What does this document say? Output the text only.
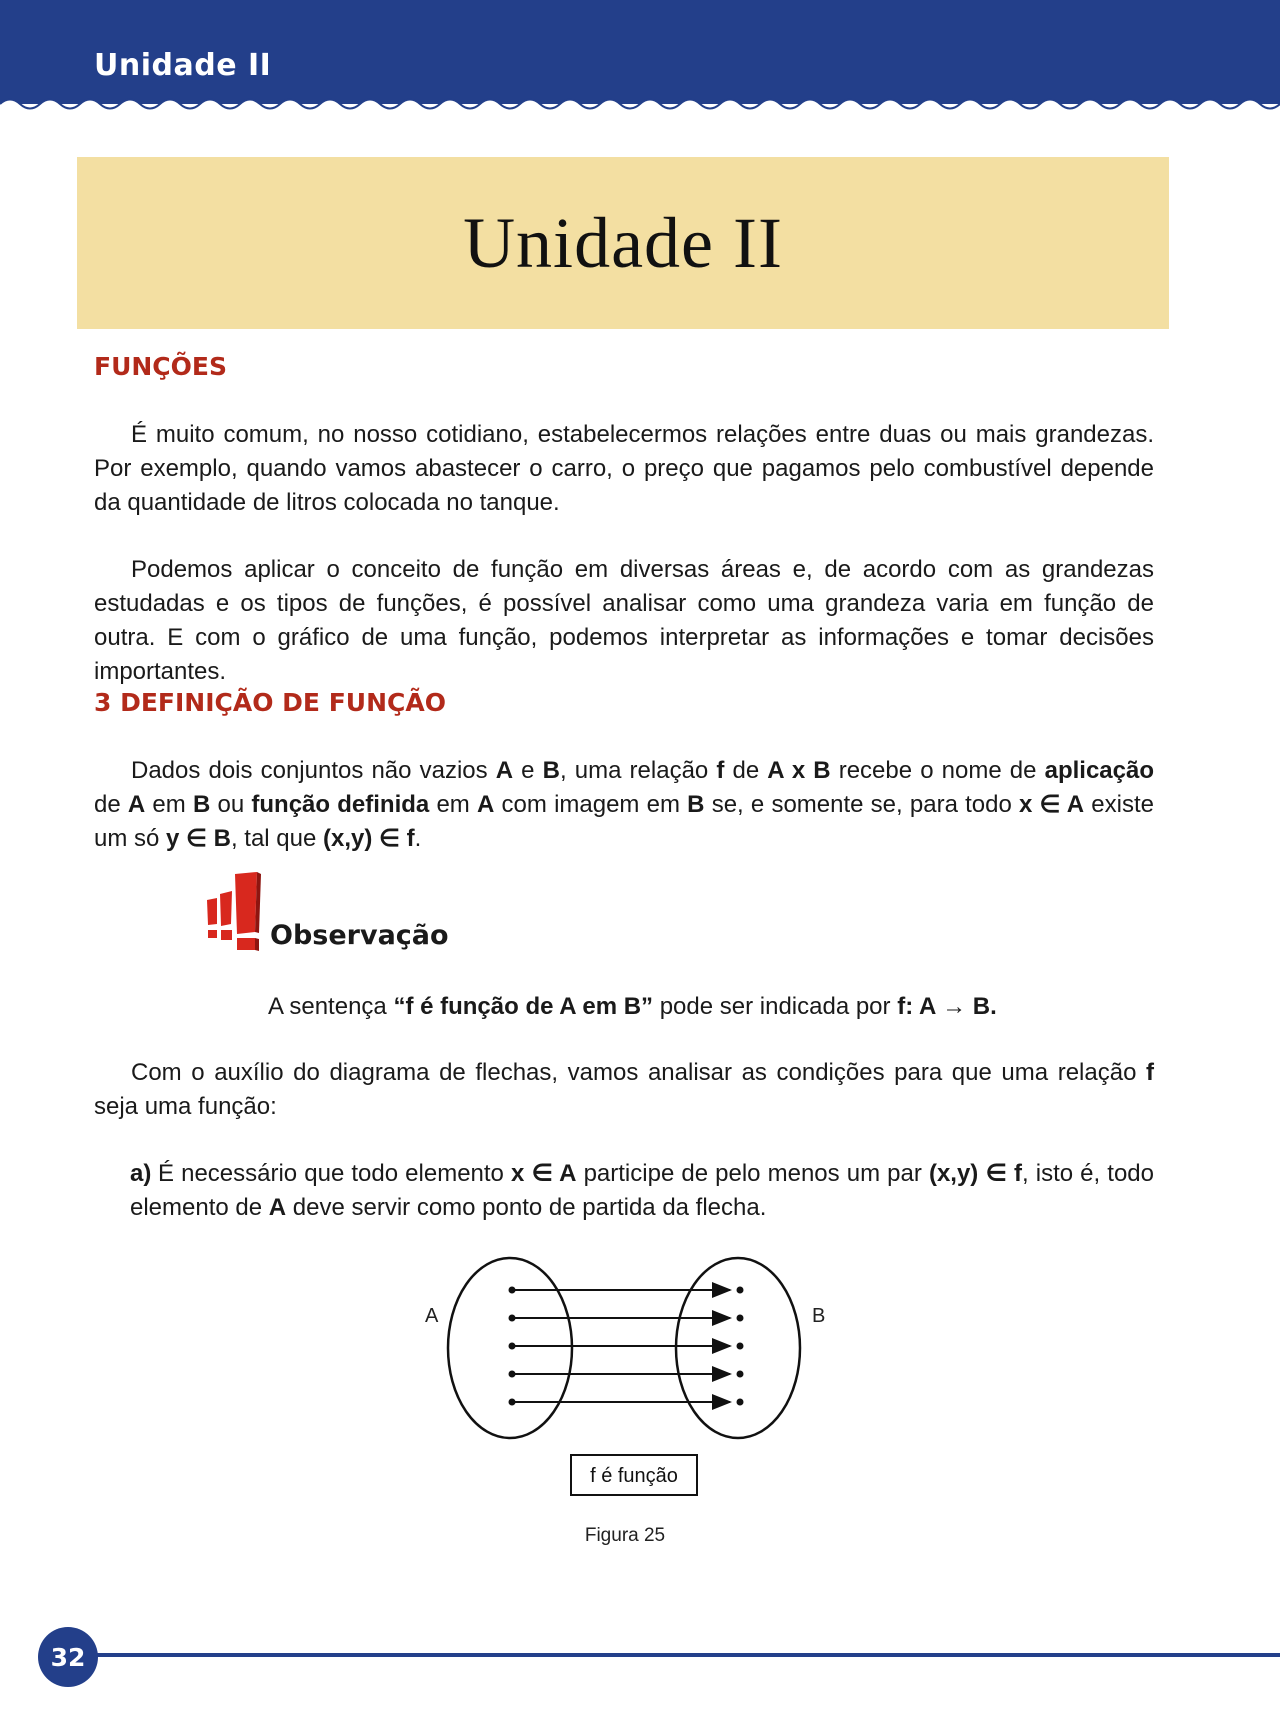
Unidade II
Unidade II
FUNÇÕES

É muito comum, no nosso cotidiano, estabelecermos relações entre duas ou mais grandezas. Por exemplo, quando vamos abastecer o carro, o preço que pagamos pelo combustível depende da quantidade de litros colocada no tanque.

Podemos aplicar o conceito de função em diversas áreas e, de acordo com as grandezas estudadas e os tipos de funções, é possível analisar como uma grandeza varia em função de outra. E com o gráfico de uma função, podemos interpretar as informações e tomar decisões importantes.

3 DEFINIÇÃO DE FUNÇÃO

Dados dois conjuntos não vazios A e B, uma relação f de A x B recebe o nome de aplicação de A em B ou função definida em A com imagem em B se, e somente se, para todo x ∈ A existe um só y ∈ B, tal que (x,y) ∈ f.

Observação
A sentença “f é função de A em B” pode ser indicada por f: A → B.

Com o auxílio do diagrama de flechas, vamos analisar as condições para que uma relação f seja uma função:

a) É necessário que todo elemento x ∈ A participe de pelo menos um par (x,y) ∈ f, isto é, todo elemento de A deve servir como ponto de partida da flecha.
A	B
f é função
Figura 25
32
